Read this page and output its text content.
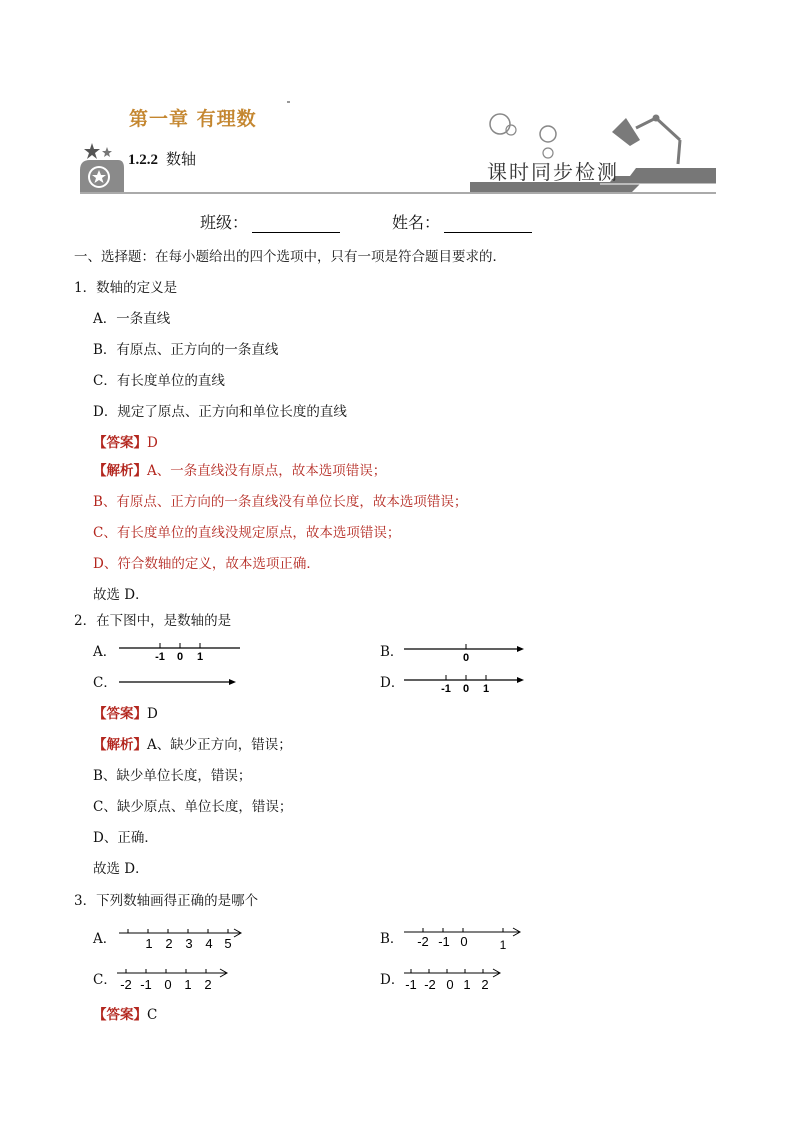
第一章 有理数
1.2.2 数轴
课时同步检测
班级：	姓名：
一、选择题：在每小题给出的四个选项中，只有一项是符合题目要求的．
1．数轴的定义是
A．一条直线
B．有原点、正方向的一条直线
C．有长度单位的直线
D．规定了原点、正方向和单位长度的直线
【答案】D
【解析】A、一条直线没有原点，故本选项错误；
B、有原点、正方向的一条直线没有单位长度，故本选项错误；
C、有长度单位的直线没规定原点，故本选项错误；
D、符合数轴的定义，故本选项正确．
故选 D．
2．在下图中，是数轴的是
A．	-1 0 1	B．	0
C．	D．	-1 0 1
【答案】D
【解析】A、缺少正方向，错误；
B、缺少单位长度，错误；
C、缺少原点、单位长度，错误；
D、正确．
故选 D．
3．下列数轴画得正确的是哪个
A． 1 2 3 4 5	B． -2 -1 0	1
C． -2 -1 0 1 2	D． -1 -2 0 1 2
【答案】C
